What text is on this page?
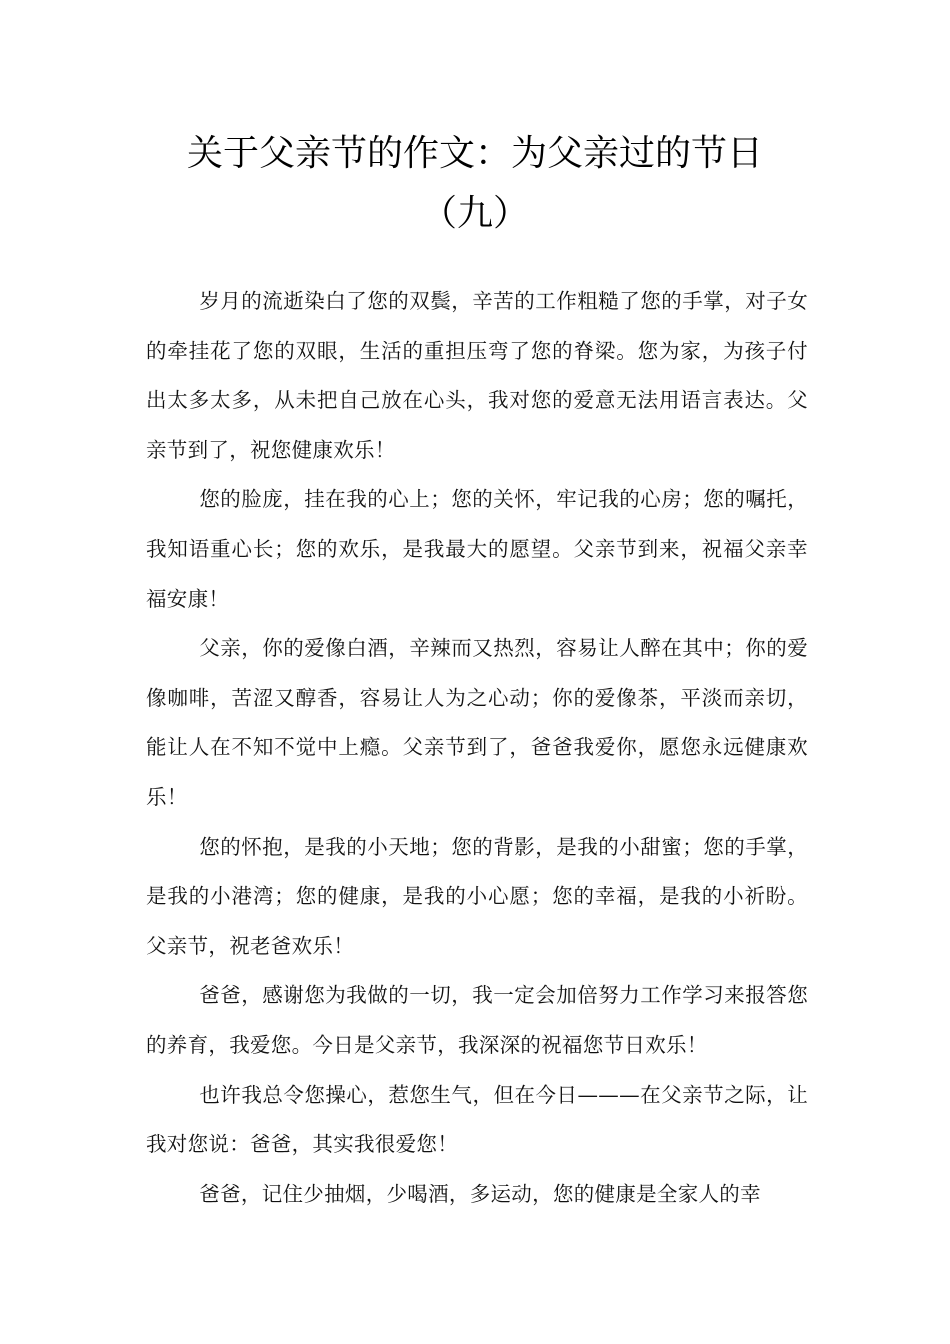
关于父亲节的作文：为父亲过的节日
（九）

岁月的流逝染白了您的双鬓，辛苦的工作粗糙了您的手掌，对子女的牵挂花了您的双眼，生活的重担压弯了您的脊梁。您为家，为孩子付出太多太多，从未把自己放在心头，我对您的爱意无法用语言表达。父亲节到了，祝您健康欢乐！

您的脸庞，挂在我的心上；您的关怀，牢记我的心房；您的嘱托，我知语重心长；您的欢乐，是我最大的愿望。父亲节到来，祝福父亲幸福安康！

父亲，你的爱像白酒，辛辣而又热烈，容易让人醉在其中；你的爱像咖啡，苦涩又醇香，容易让人为之心动；你的爱像茶，平淡而亲切，能让人在不知不觉中上瘾。父亲节到了，爸爸我爱你，愿您永远健康欢乐！

您的怀抱，是我的小天地；您的背影，是我的小甜蜜；您的手掌，是我的小港湾；您的健康，是我的小心愿；您的幸福，是我的小祈盼。父亲节，祝老爸欢乐！

爸爸，感谢您为我做的一切，我一定会加倍努力工作学习来报答您的养育，我爱您。今日是父亲节，我深深的祝福您节日欢乐！

也许我总令您操心，惹您生气，但在今日———在父亲节之际，让我对您说：爸爸，其实我很爱您！

爸爸，记住少抽烟，少喝酒，多运动，您的健康是全家人的幸
